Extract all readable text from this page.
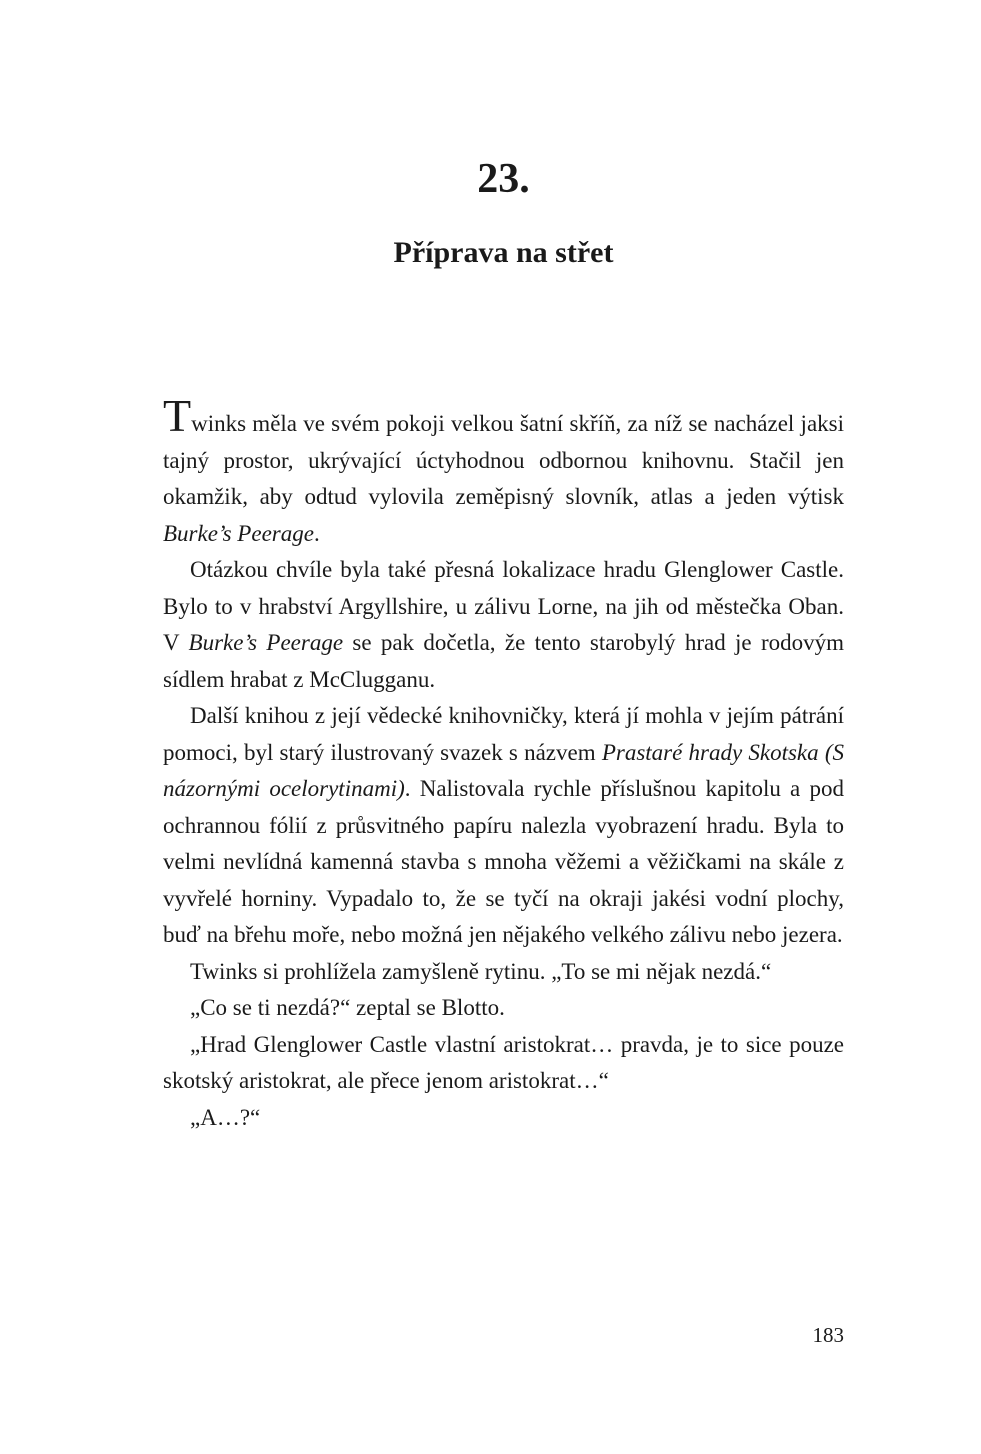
23.
Příprava na střet

Twinks měla ve svém pokoji velkou šatní skříň, za níž se nacházel jaksi tajný prostor, ukrývající úctyhodnou odbornou knihovnu. Stačil jen okamžik, aby odtud vylovila zeměpisný slovník, atlas a jeden výtisk Burke’s Peerage.

Otázkou chvíle byla také přesná lokalizace hradu Glenglower Castle. Bylo to v hrabství Argyllshire, u zálivu Lorne, na jih od městečka Oban. V Burke’s Peerage se pak dočetla, že tento starobylý hrad je rodovým sídlem hrabat z McClugganu.

Další knihou z její vědecké knihovničky, která jí mohla v jejím pátrání pomoci, byl starý ilustrovaný svazek s názvem Prastaré hrady Skotska (S názornými ocelorytinami). Nalistovala rychle příslušnou kapitolu a pod ochrannou fólií z průsvitného papíru nalezla vyobrazení hradu. Byla to velmi nevlídná kamenná stavba s mnoha věžemi a věžičkami na skále z vyvřelé horniny. Vypadalo to, že se tyčí na okraji jakési vodní plochy, buď na břehu moře, nebo možná jen nějakého velkého zálivu nebo jezera.

Twinks si prohlížela zamyšleně rytinu. „To se mi nějak nezdá.“

„Co se ti nezdá?“ zeptal se Blotto.

„Hrad Glenglower Castle vlastní aristokrat… pravda, je to sice pouze skotský aristokrat, ale přece jenom aristokrat…“

„A…?“

183
